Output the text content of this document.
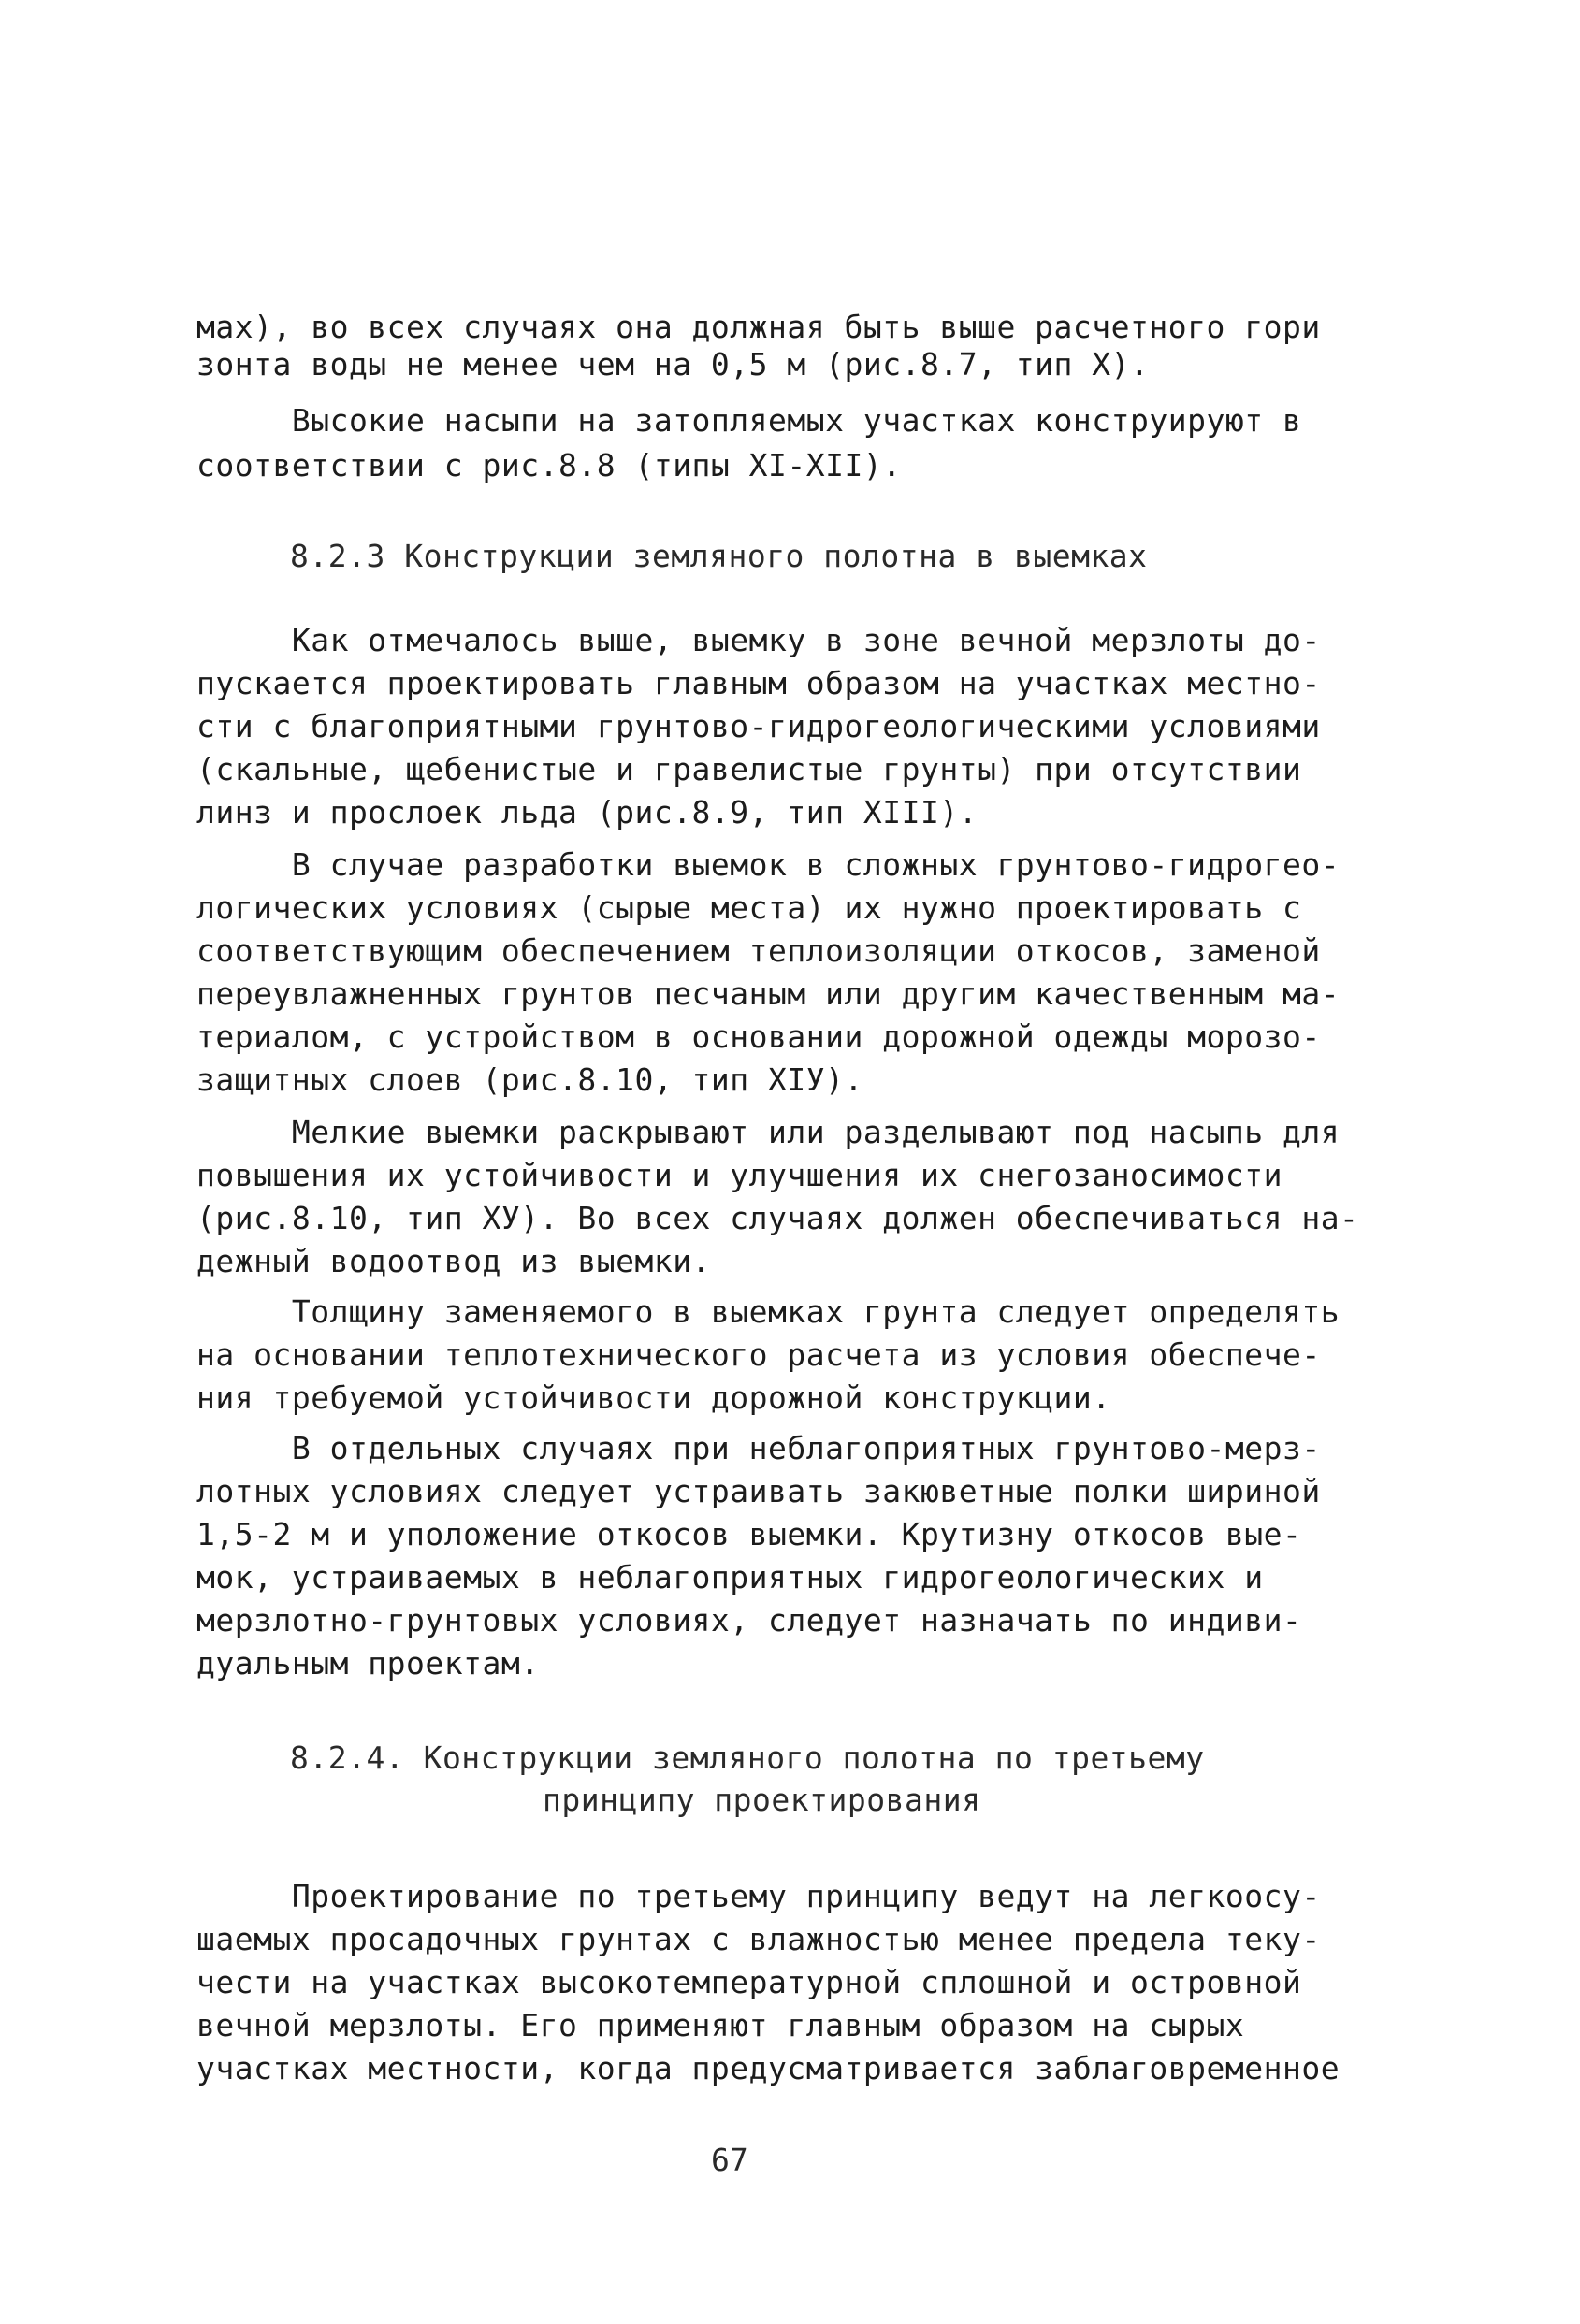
мах), во всех случаях она должная быть выше расчетного гори
зонта воды не менее чем на 0,5 м (рис.8.7, тип Х).
Высокие насыпи на затопляемых участках конструируют в
соответствии с рис.8.8 (типы XI-XII).
8.2.3 Конструкции земляного полотна в выемках
Как отмечалось выше, выемку в зоне вечной мерзлоты до-
пускается проектировать главным образом на участках местно-
сти с благоприятными грунтово-гидрогеологическими условиями
(скальные, щебенистые и гравелистые грунты) при отсутствии
линз и прослоек льда (рис.8.9, тип XIII).
В случае разработки выемок в сложных грунтово-гидрогео-
логических условиях (сырые места) их нужно проектировать с
соответствующим обеспечением теплоизоляции откосов, заменой
переувлажненных грунтов песчаным или другим качественным ма-
териалом, с устройством в основании дорожной одежды морозо-
защитных слоев (рис.8.10, тип XIУ).
Мелкие выемки раскрывают или разделывают под насыпь для
повышения их устойчивости и улучшения их снегозаносимости
(рис.8.10, тип ХУ). Во всех случаях должен обеспечиваться на-
дежный водоотвод из выемки.
Толщину заменяемого в выемках грунта следует определять
на основании теплотехнического расчета из условия обеспече-
ния требуемой устойчивости дорожной конструкции.
В отдельных случаях при неблагоприятных грунтово-мерз-
лотных условиях следует устраивать закюветные полки шириной
1,5-2 м и уположение откосов выемки. Крутизну откосов вые-
мок, устраиваемых в неблагоприятных гидрогеологических и
мерзлотно-грунтовых условиях, следует назначать по индиви-
дуальным проектам.
8.2.4. Конструкции земляного полотна по третьему
принципу проектирования
Проектирование по третьему принципу ведут на легкоосу-
шаемых просадочных грунтах с влажностью менее предела теку-
чести на участках высокотемпературной сплошной и островной
вечной мерзлоты. Его применяют главным образом на сырых
участках местности, когда предусматривается заблаговременное
67
